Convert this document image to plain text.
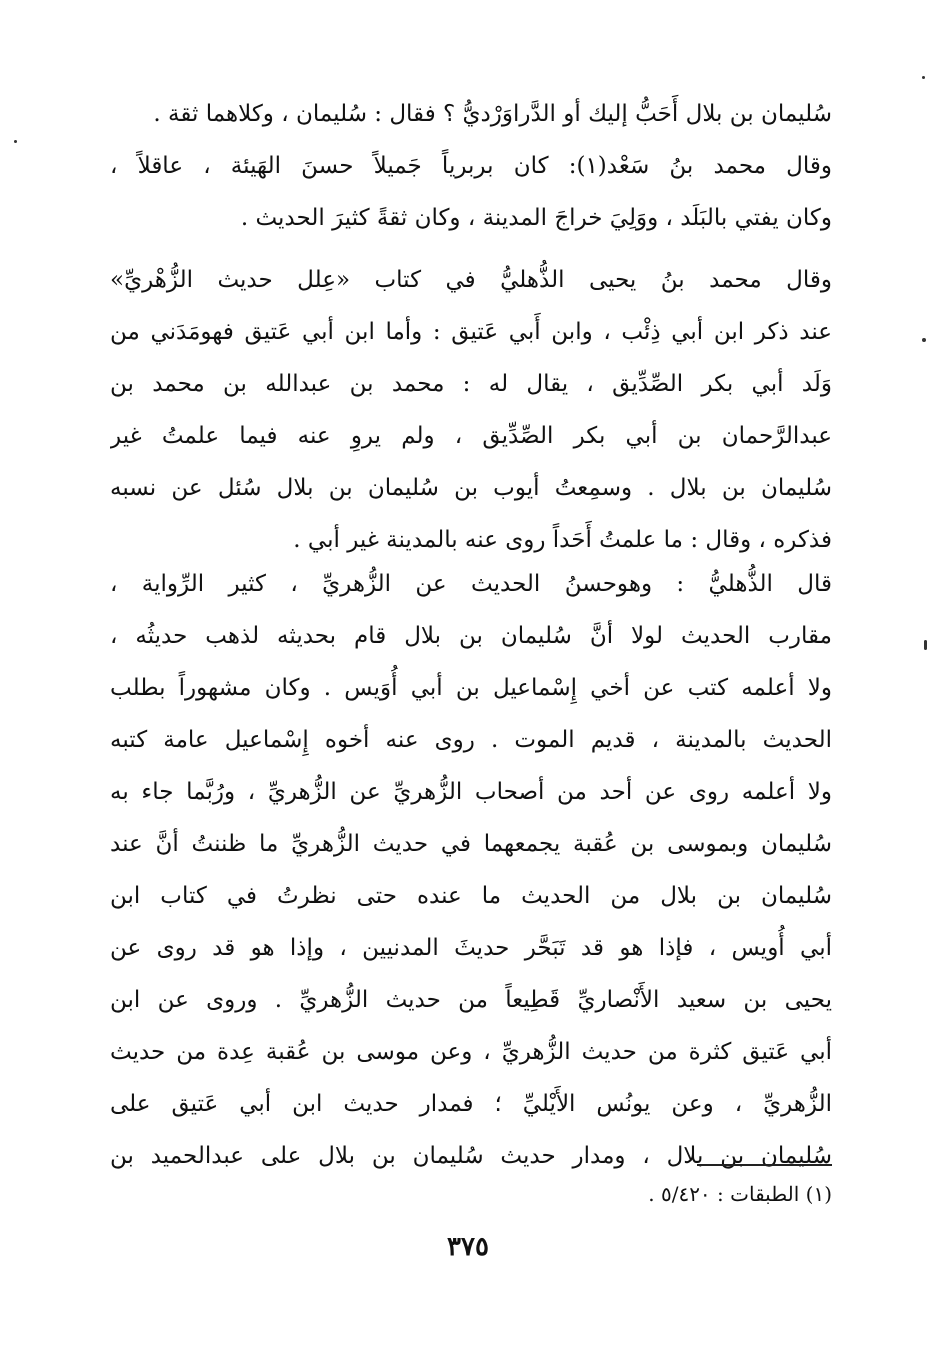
سُليمان بن بلال أَحَبُّ إليك أو الدَّراوَرْديُّ ؟ فقال : سُليمان ، وكلاهما ثقة .
وقال محمد بنُ سَعْد(١): كان بربرياً جَميلاً حسنَ الهَيئة ، عاقلاً ،
وكان يفتي بالبَلَد ، ووَلِيَ خراجَ المدينة ، وكان ثقةً كثيرَ الحديث .
وقال محمد بنُ يحيى الذُّهليُّ في كتاب «عِلل حديث الزُّهْريِّ»
عند ذكر ابن أبي ذِئْب ، وابن أَبي عَتيق : وأما ابن أبي عَتيق فهومَدَني من
وَلَد أبي بكر الصِّدِّيق ، يقال له : محمد بن عبدالله بن محمد بن
عبدالرَّحمان بن أبي بكر الصِّدِّيق ، ولم يروِ عنه فيما علمتُ غير
سُليمان بن بلال . وسمِعتُ أيوب بن سُليمان بن بلال سُئل عن نسبه
فذكره ، وقال : ما علمتُ أَحَداً روى عنه بالمدينة غير أبي .
قال الذُّهليُّ : وهوحسنُ الحديث عن الزُّهريِّ ، كثير الرِّواية ،
مقارب الحديث لولا أنَّ سُليمان بن بلال قام بحديثه لذهب حديثُه ،
ولا أعلمه كتب عن أخي إِسْماعيل بن أبي أُوَيس . وكان مشهوراً بطلب
الحديث بالمدينة ، قديم الموت . روى عنه أخوه إِسْماعيل عامة كتبه
ولا أعلمه روى عن أحد من أصحاب الزُّهريِّ عن الزُّهريِّ ، ورُبَّما جاء به
سُليمان وبموسى بن عُقبة يجمعهما في حديث الزُّهريِّ ما ظننتُ أنَّ عند
سُليمان بن بلال من الحديث ما عنده حتى نظرتُ في كتاب ابن
أبي أُويس ، فإذا هو قد تَبَحَّر حديثَ المدنيين ، وإذا هو قد روى عن
يحيى بن سعيد الأَنْصاريِّ قَطِيعاً من حديث الزُّهريِّ . وروى عن ابن
أبي عَتيق كثرة من حديث الزُّهريِّ ، وعن موسى بن عُقبة عِدة من حديث
الزُّهريِّ ، وعن يونُس الأَيْليِّ ؛ فمدار حديث ابن أبي عَتيق على
سُليمان بن بلال ، ومدار حديث سُليمان بن بلال على عبدالحميد بن
(١) الطبقات : ٥/٤٢٠ .
٣٧٥
